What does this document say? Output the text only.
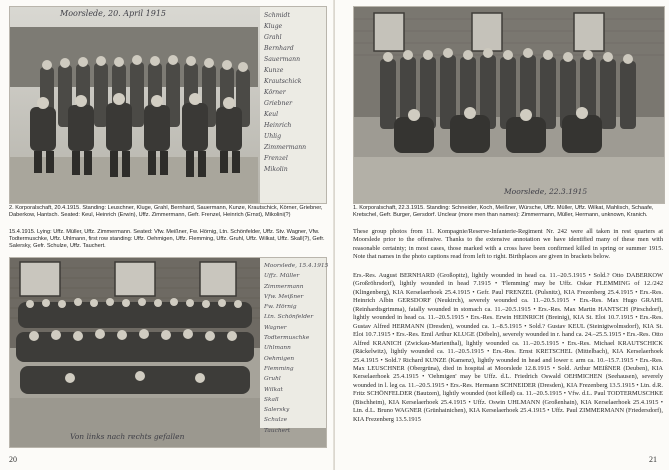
Moorslede, 20. April 1915	Schmidt
Kluge
Grahl
Bernhard
Sauermann
Kunze
Krautschick
Körner
Griebner
Keul
Heinrich
Uhlig
Zimmermann
Frenzel
Mikolin
2. Korporalschaft, 20.4.1915. Standing: Leuschner, Kluge, Grahl, Bernhard, Sauermann, Kunze, Krautschick, Körner, Griebner, Daberkow, Hantsch. Seated: Keul, Heinrich (Erwin), Uffz. Zimmermann, Gefr. Frenzel, Heinrich (Ernst), Mikolini(?)
15.4.1915. Lying: Uffz. Müller, Uffz. Zimmermann. Seated: Vfw. Meißner, Fw. Hörnig, Ltn. Schönfelder, Uffz. Stv. Wagner, Vfw. Todtermuschke, Uffz. Uhlmann, first row standing: Uffz. Oehmigen, Uffz. Flemming, Uffz. Gruhl, Uffz. Wilkat, Uffz. Skall(?), Gefr. Salersky, Gefr. Schulze, Uffz. Tauchert.
Moorslede, 15.4.1915
Uffz. Müller
Zimmermann
Vfw. Meißner
Fw. Hörnig
Ltn. Schönfelder
Wagner
Todtermuschke
Uhlmann
Oehmigen
Flemming
Gruhl
Wilkat
Skall
Salersky
Schulze
Tauchert
Von links nach rechts gefallen
20
Moorslede, 22.3.1915
1. Korporalschaft, 22.3.1915. Standing: Schneider, Koch, Meißner, Würsche, Uffz. Müller, Uffz. Wilkat, Mahlisch, Schaafe, Kretschel, Gefr. Burger, Gersdorf. Unclear (more men than names): Zimmermann, Müller, Hermann, unknown, Kranich.
These group photos from 11. Kompagnie/Reserve-Infanterie-Regiment Nr. 242 were all taken in rest quarters at Moorslede prior to the offensive. Thanks to the extensive annotation we have identified many of these men with reasonable certainty; in most cases, those marked with a cross have been confirmed killed in spring or summer 1915. Note that names in the photo captions read from left to right. Birthplaces are given in brackets below.
Ers.-Res. August BERNHARD (Großopitz), lightly wounded in head ca. 11.–20.5.1915 • Sold.? Otto DABERKOW (Großröhrsdorf), lightly wounded in head 7.1915 • 'Flemming' may be Uffz. Oskar FLEMMING of 12./242 (Klingenberg), KIA Kerselaerhoek 25.4.1915 • Gefr. Paul FRENZEL (Pulsnitz), KIA Frezenberg 25.4.1915 • Ers.-Res. Heinrich Albin GERSDORF (Neukirch), severely wounded ca. 11.–20.5.1915 • Ers.-Res. Max Hugo GRAHL (Reinhardtsgrimma), fatally wounded in stomach ca. 11.–20.5.1915 • Ers.-Res. Max Martin HANTSCH (Pirschdorf), lightly wounded in head ca. 11.–20.5.1915 • Ers.-Res. Erwin HEINRICH (Breinig), KIA St. Eloi 10.7.1915 • Ers.-Res. Gustav Alfred HERMANN (Dresden), wounded ca. 1.–8.5.1915 • Sold.? Gustav KEUL (Steinigtwolmsdorf), KIA St. Eloi 10.7.1915 • Ers.-Res. Emil Arthur KLUGE (Döbeln), severely wounded in r. hand ca. 24.–25.5.1915 • Ers.-Res. Otto Alfred KRANICH (Zwickau-Marienthal), lightly wounded ca. 11.–20.5.1915 • Ers.-Res. Michael KRAUTSCHICK (Räckelwitz), lightly wounded ca. 11.–20.5.1915 • Ers.-Res. Ernst KRETSCHEL (Mittelbach), KIA Kerselaerhoek 25.4.1915 • Sold.? Richard KUNZE (Kamenz), lightly wounded in head and lower r. arm ca. 10.–15.7.1915 • Ers.-Res. Max LEUSCHNER (Obergrüna), died in hospital at Moorslede 12.8.1915 • Sold. Arthur MEIßNER (Deuben), KIA Kerselaerhoek 25.4.1915 • 'Oehmigen' may be Uffz. d.L. Friedrich Oswald OEHMICHEN (Seehausen), severely wounded in l. leg ca. 11.–20.5.1915 • Ers.-Res. Hermann SCHNEIDER (Dresden), KIA Frezenberg 13.5.1915 • Ltn. d.R. Fritz SCHÖNFELDER (Bautzen), lightly wounded (not killed) ca. 11.–20.5.1915 • Vfw. d.L. Paul TODTERMUSCHKE (Bischheim), KIA Kerselaerhoek 25.4.1915 • Uffz. Oswin UHLMANN (Großenhain), KIA Kerselaerhoek 25.4.1915 • Ltn. d.L. Bruno WAGNER (Grünhainichen), KIA Kerselaerhoek 25.4.1915 • Uffz. Paul ZIMMERMANN (Friedersdorf), KIA Frezenberg 13.5.1915
21
